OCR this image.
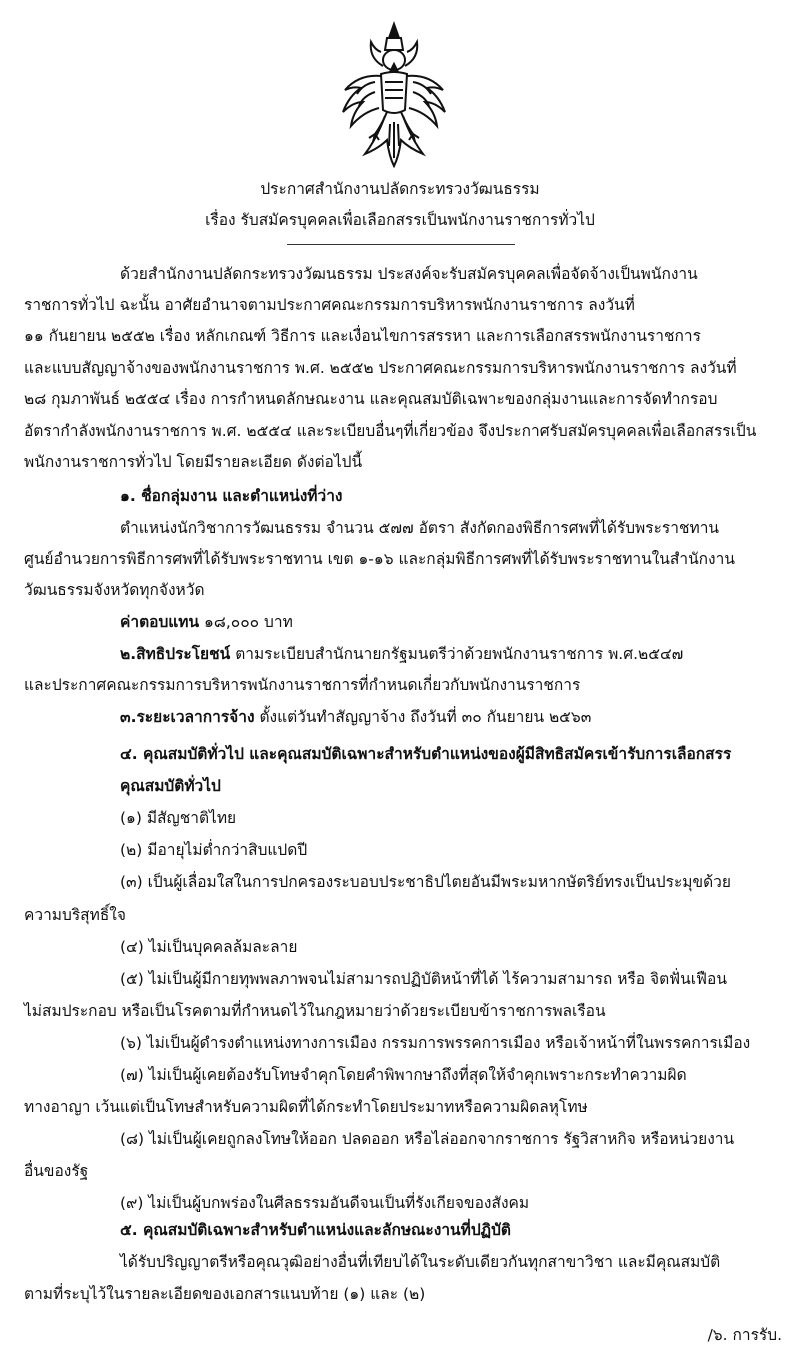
ประกาศสำนักงานปลัดกระทรวงวัฒนธรรม
เรื่อง รับสมัครบุคคลเพื่อเลือกสรรเป็นพนักงานราชการทั่วไป
ด้วยสำนักงานปลัดกระทรวงวัฒนธรรม ประสงค์จะรับสมัครบุคคลเพื่อจัดจ้างเป็นพนักงาน
ราชการทั่วไป ฉะนั้น อาศัยอำนาจตามประกาศคณะกรรมการบริหารพนักงานราชการ ลงวันที่
๑๑ กันยายน ๒๕๕๒ เรื่อง หลักเกณฑ์ วิธีการ และเงื่อนไขการสรรหา และการเลือกสรรพนักงานราชการ
และแบบสัญญาจ้างของพนักงานราชการ พ.ศ. ๒๕๕๒ ประกาศคณะกรรมการบริหารพนักงานราชการ ลงวันที่
๒๘ กุมภาพันธ์ ๒๕๕๔ เรื่อง การกำหนดลักษณะงาน และคุณสมบัติเฉพาะของกลุ่มงานและการจัดทำกรอบ
อัตรากำลังพนักงานราชการ พ.ศ. ๒๕๕๔ และระเบียบอื่นๆที่เกี่ยวข้อง จึงประกาศรับสมัครบุคคลเพื่อเลือกสรรเป็น
พนักงานราชการทั่วไป โดยมีรายละเอียด ดังต่อไปนี้
๑. ชื่อกลุ่มงาน และตำแหน่งที่ว่าง
ตำแหน่งนักวิชาการวัฒนธรรม จำนวน ๕๗๗ อัตรา สังกัดกองพิธีการศพที่ได้รับพระราชทาน
ศูนย์อำนวยการพิธีการศพที่ได้รับพระราชทาน เขต ๑-๑๖ และกลุ่มพิธีการศพที่ได้รับพระราชทานในสำนักงาน
วัฒนธรรมจังหวัดทุกจังหวัด
ค่าตอบแทน ๑๘,๐๐๐ บาท
๒.สิทธิประโยชน์ ตามระเบียบสำนักนายกรัฐมนตรีว่าด้วยพนักงานราชการ พ.ศ.๒๕๔๗
และประกาศคณะกรรมการบริหารพนักงานราชการที่กำหนดเกี่ยวกับพนักงานราชการ
๓.ระยะเวลาการจ้าง ตั้งแต่วันทำสัญญาจ้าง ถึงวันที่ ๓๐ กันยายน ๒๕๖๓
๔. คุณสมบัติทั่วไป และคุณสมบัติเฉพาะสำหรับตำแหน่งของผู้มีสิทธิสมัครเข้ารับการเลือกสรร
คุณสมบัติทั่วไป
(๑) มีสัญชาติไทย
(๒) มีอายุไม่ต่ำกว่าสิบแปดปี
(๓) เป็นผู้เลื่อมใสในการปกครองระบอบประชาธิปไตยอันมีพระมหากษัตริย์ทรงเป็นประมุขด้วย
ความบริสุทธิ์ใจ
(๔) ไม่เป็นบุคคลล้มละลาย
(๕) ไม่เป็นผู้มีกายทุพพลภาพจนไม่สามารถปฏิบัติหน้าที่ได้ ไร้ความสามารถ หรือ จิตฟั่นเฟือน
ไม่สมประกอบ หรือเป็นโรคตามที่กำหนดไว้ในกฎหมายว่าด้วยระเบียบข้าราชการพลเรือน
(๖) ไม่เป็นผู้ดำรงตำแหน่งทางการเมือง กรรมการพรรคการเมือง หรือเจ้าหน้าที่ในพรรคการเมือง
(๗) ไม่เป็นผู้เคยต้องรับโทษจำคุกโดยคำพิพากษาถึงที่สุดให้จำคุกเพราะกระทำความผิด
ทางอาญา เว้นแต่เป็นโทษสำหรับความผิดที่ได้กระทำโดยประมาทหรือความผิดลหุโทษ
(๘) ไม่เป็นผู้เคยถูกลงโทษให้ออก ปลดออก หรือไล่ออกจากราชการ รัฐวิสาหกิจ หรือหน่วยงาน
อื่นของรัฐ
(๙) ไม่เป็นผู้บกพร่องในศีลธรรมอันดีจนเป็นที่รังเกียจของสังคม
๕. คุณสมบัติเฉพาะสำหรับตำแหน่งและลักษณะงานที่ปฏิบัติ
ได้รับปริญญาตรีหรือคุณวุฒิอย่างอื่นที่เทียบได้ในระดับเดียวกันทุกสาขาวิชา และมีคุณสมบัติ
ตามที่ระบุไว้ในรายละเอียดของเอกสารแนบท้าย (๑) และ (๒)
/๖. การรับ.
